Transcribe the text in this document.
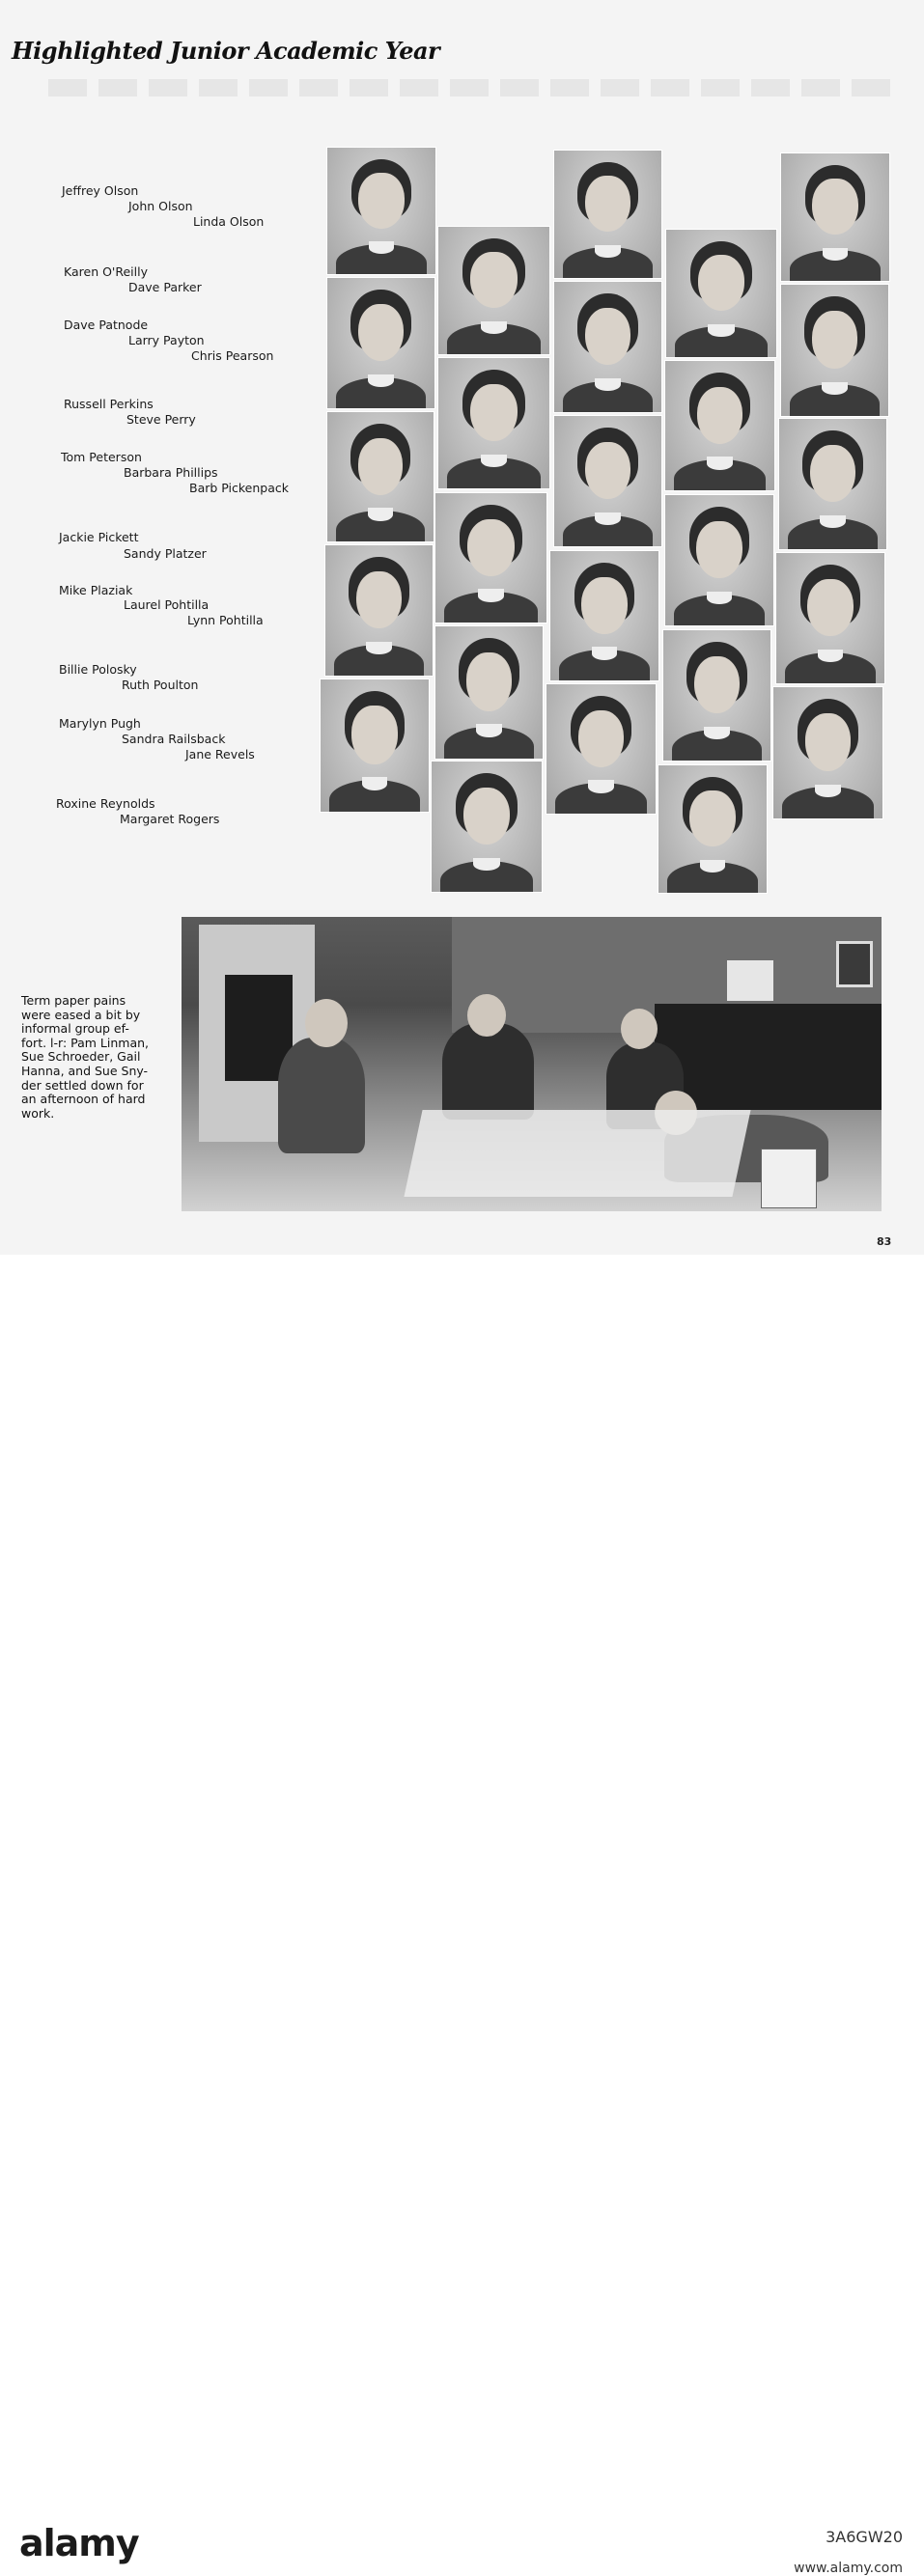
Highlighted Junior Academic Year
Jeffrey Olson
John Olson
Linda Olson
Karen O'Reilly
Dave Parker
Dave Patnode
Larry Payton
Chris Pearson
Russell Perkins
Steve Perry
Tom Peterson
Barbara Phillips
Barb Pickenpack
Jackie Pickett
Sandy Platzer
Mike Plaziak
Laurel Pohtilla
Lynn Pohtilla
Billie Polosky
Ruth Poulton
Marylyn Pugh
Sandra Railsback
Jane Revels
Roxine Reynolds
Margaret Rogers

Term paper pains

were eased a bit by

informal group ef-

fort. l-r: Pam Linman,

Sue Schroeder, Gail

Hanna, and Sue Sny-

der settled down for

an afternoon of hard

work.

83
alamy	3A6GW20
www.alamy.com
